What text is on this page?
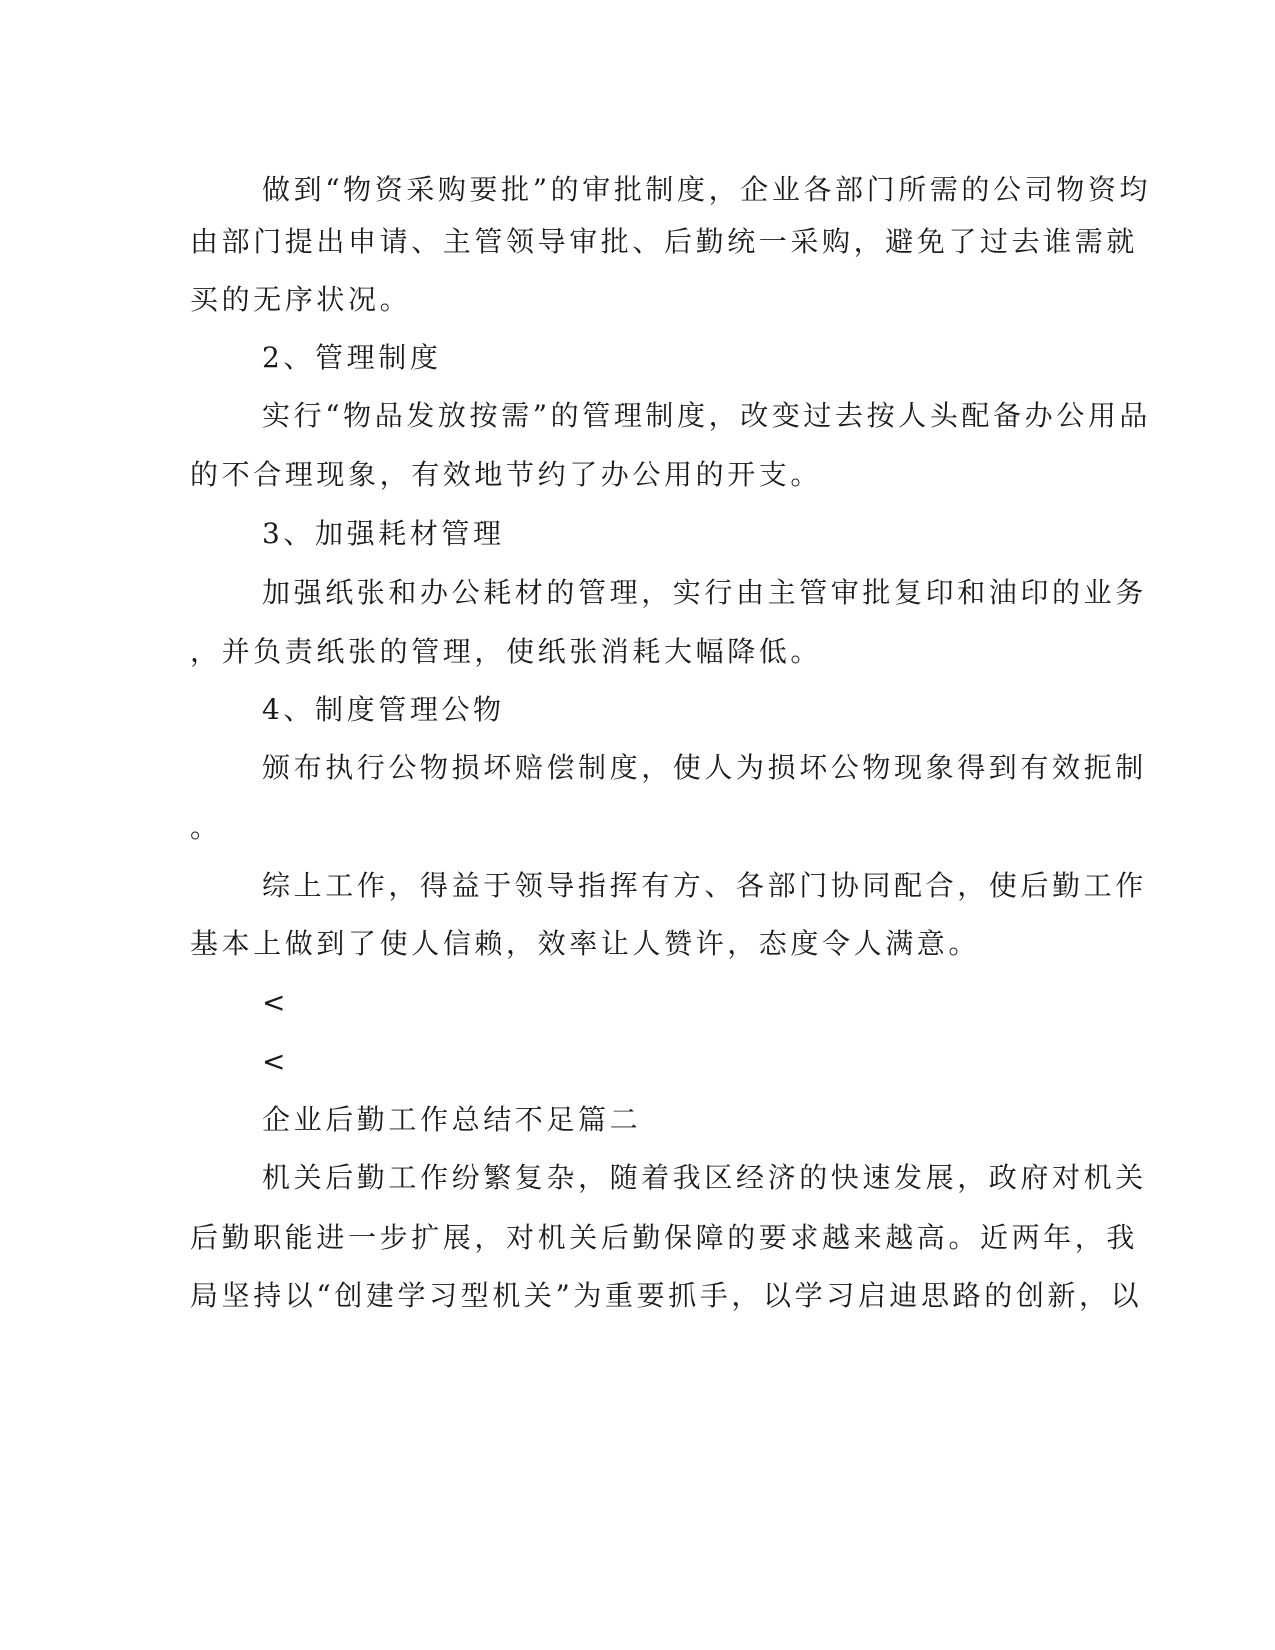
做到“物资采购要批”的审批制度，企业各部门所需的公司物资均
由部门提出申请、主管领导审批、后勤统一采购，避免了过去谁需就
买的无序状况。
2、管理制度
实行“物品发放按需”的管理制度，改变过去按人头配备办公用品
的不合理现象，有效地节约了办公用的开支。
3、加强耗材管理
加强纸张和办公耗材的管理，实行由主管审批复印和油印的业务
，并负责纸张的管理，使纸张消耗大幅降低。
4、制度管理公物
颁布执行公物损坏赔偿制度，使人为损坏公物现象得到有效扼制
。
综上工作，得益于领导指挥有方、各部门协同配合，使后勤工作
基本上做到了使人信赖，效率让人赞许，态度令人满意。
<
<
企业后勤工作总结不足篇二
机关后勤工作纷繁复杂，随着我区经济的快速发展，政府对机关
后勤职能进一步扩展，对机关后勤保障的要求越来越高。近两年，我
局坚持以“创建学习型机关”为重要抓手，以学习启迪思路的创新，以
